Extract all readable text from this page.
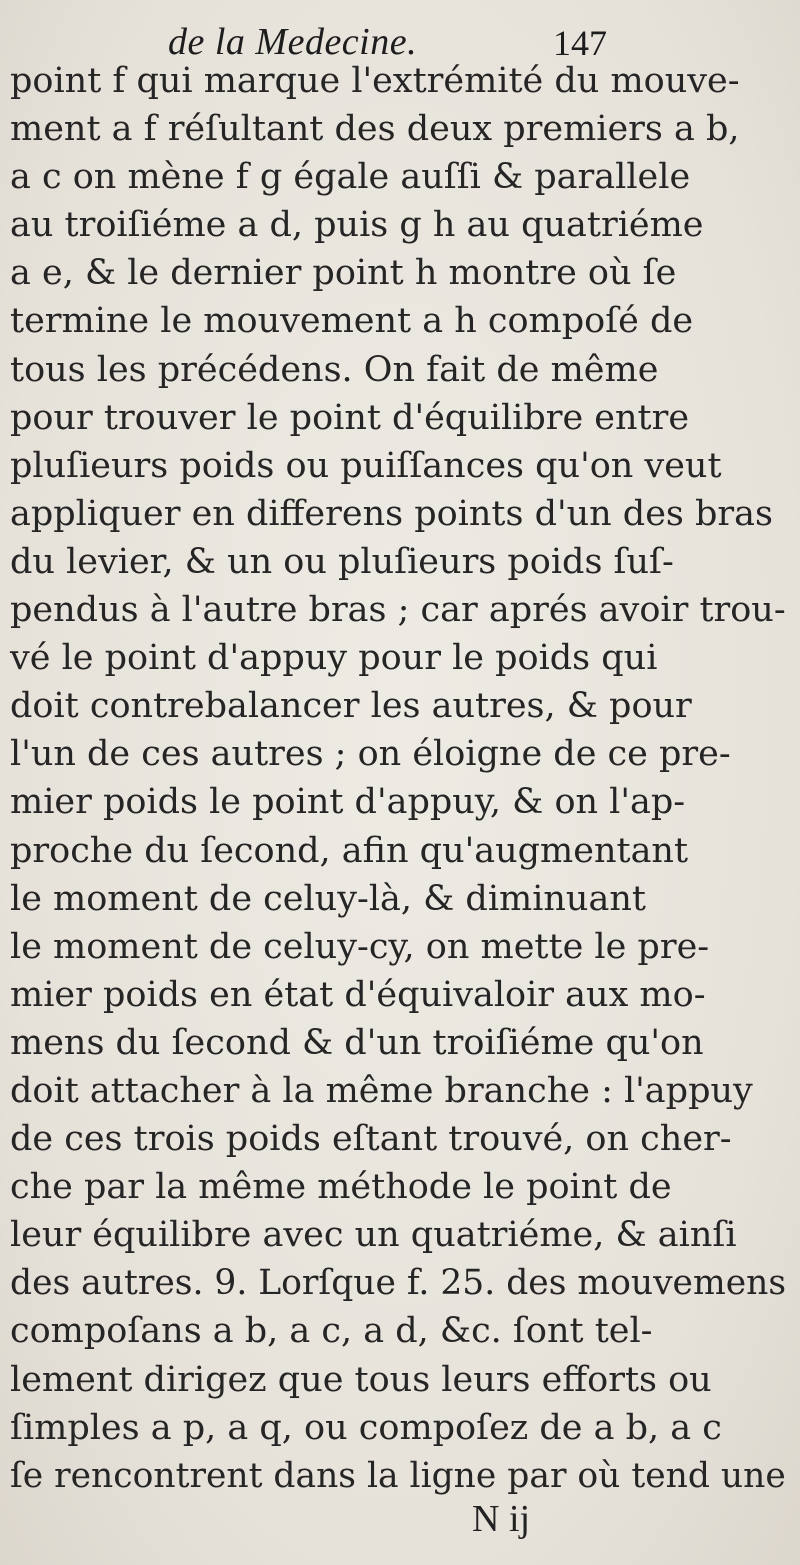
de la Medecine.	147
point f qui marque l'extrémité du mouve-
ment a f réſultant des deux premiers a b,
a c on mène f g égale auſſi & parallele
au troiſiéme a d, puis g h au quatriéme
a e, & le dernier point h montre où ſe
termine le mouvement a h compoſé de
tous les précédens. On fait de même
pour trouver le point d'équilibre entre
pluſieurs poids ou puiſſances qu'on veut
appliquer en differens points d'un des bras
du levier, & un ou pluſieurs poids ſuſ-
pendus à l'autre bras ; car aprés avoir trou-
vé le point d'appuy pour le poids qui
doit contrebalancer les autres, & pour
l'un de ces autres ; on éloigne de ce pre-
mier poids le point d'appuy, & on l'ap-
proche du ſecond, afin qu'augmentant
le moment de celuy-là, & diminuant
le moment de celuy-cy, on mette le pre-
mier poids en état d'équivaloir aux mo-
mens du ſecond & d'un troiſiéme qu'on
doit attacher à la même branche : l'appuy
de ces trois poids eſtant trouvé, on cher-
che par la même méthode le point de
leur équilibre avec un quatriéme, & ainſi
des autres. 9. Lorſque f. 25. des mouvemens
compoſans a b, a c, a d, &c. ſont tel-
lement dirigez que tous leurs efforts ou
ſimples a p, a q, ou compoſez de a b, a c
ſe rencontrent dans la ligne par où tend une
N ij
